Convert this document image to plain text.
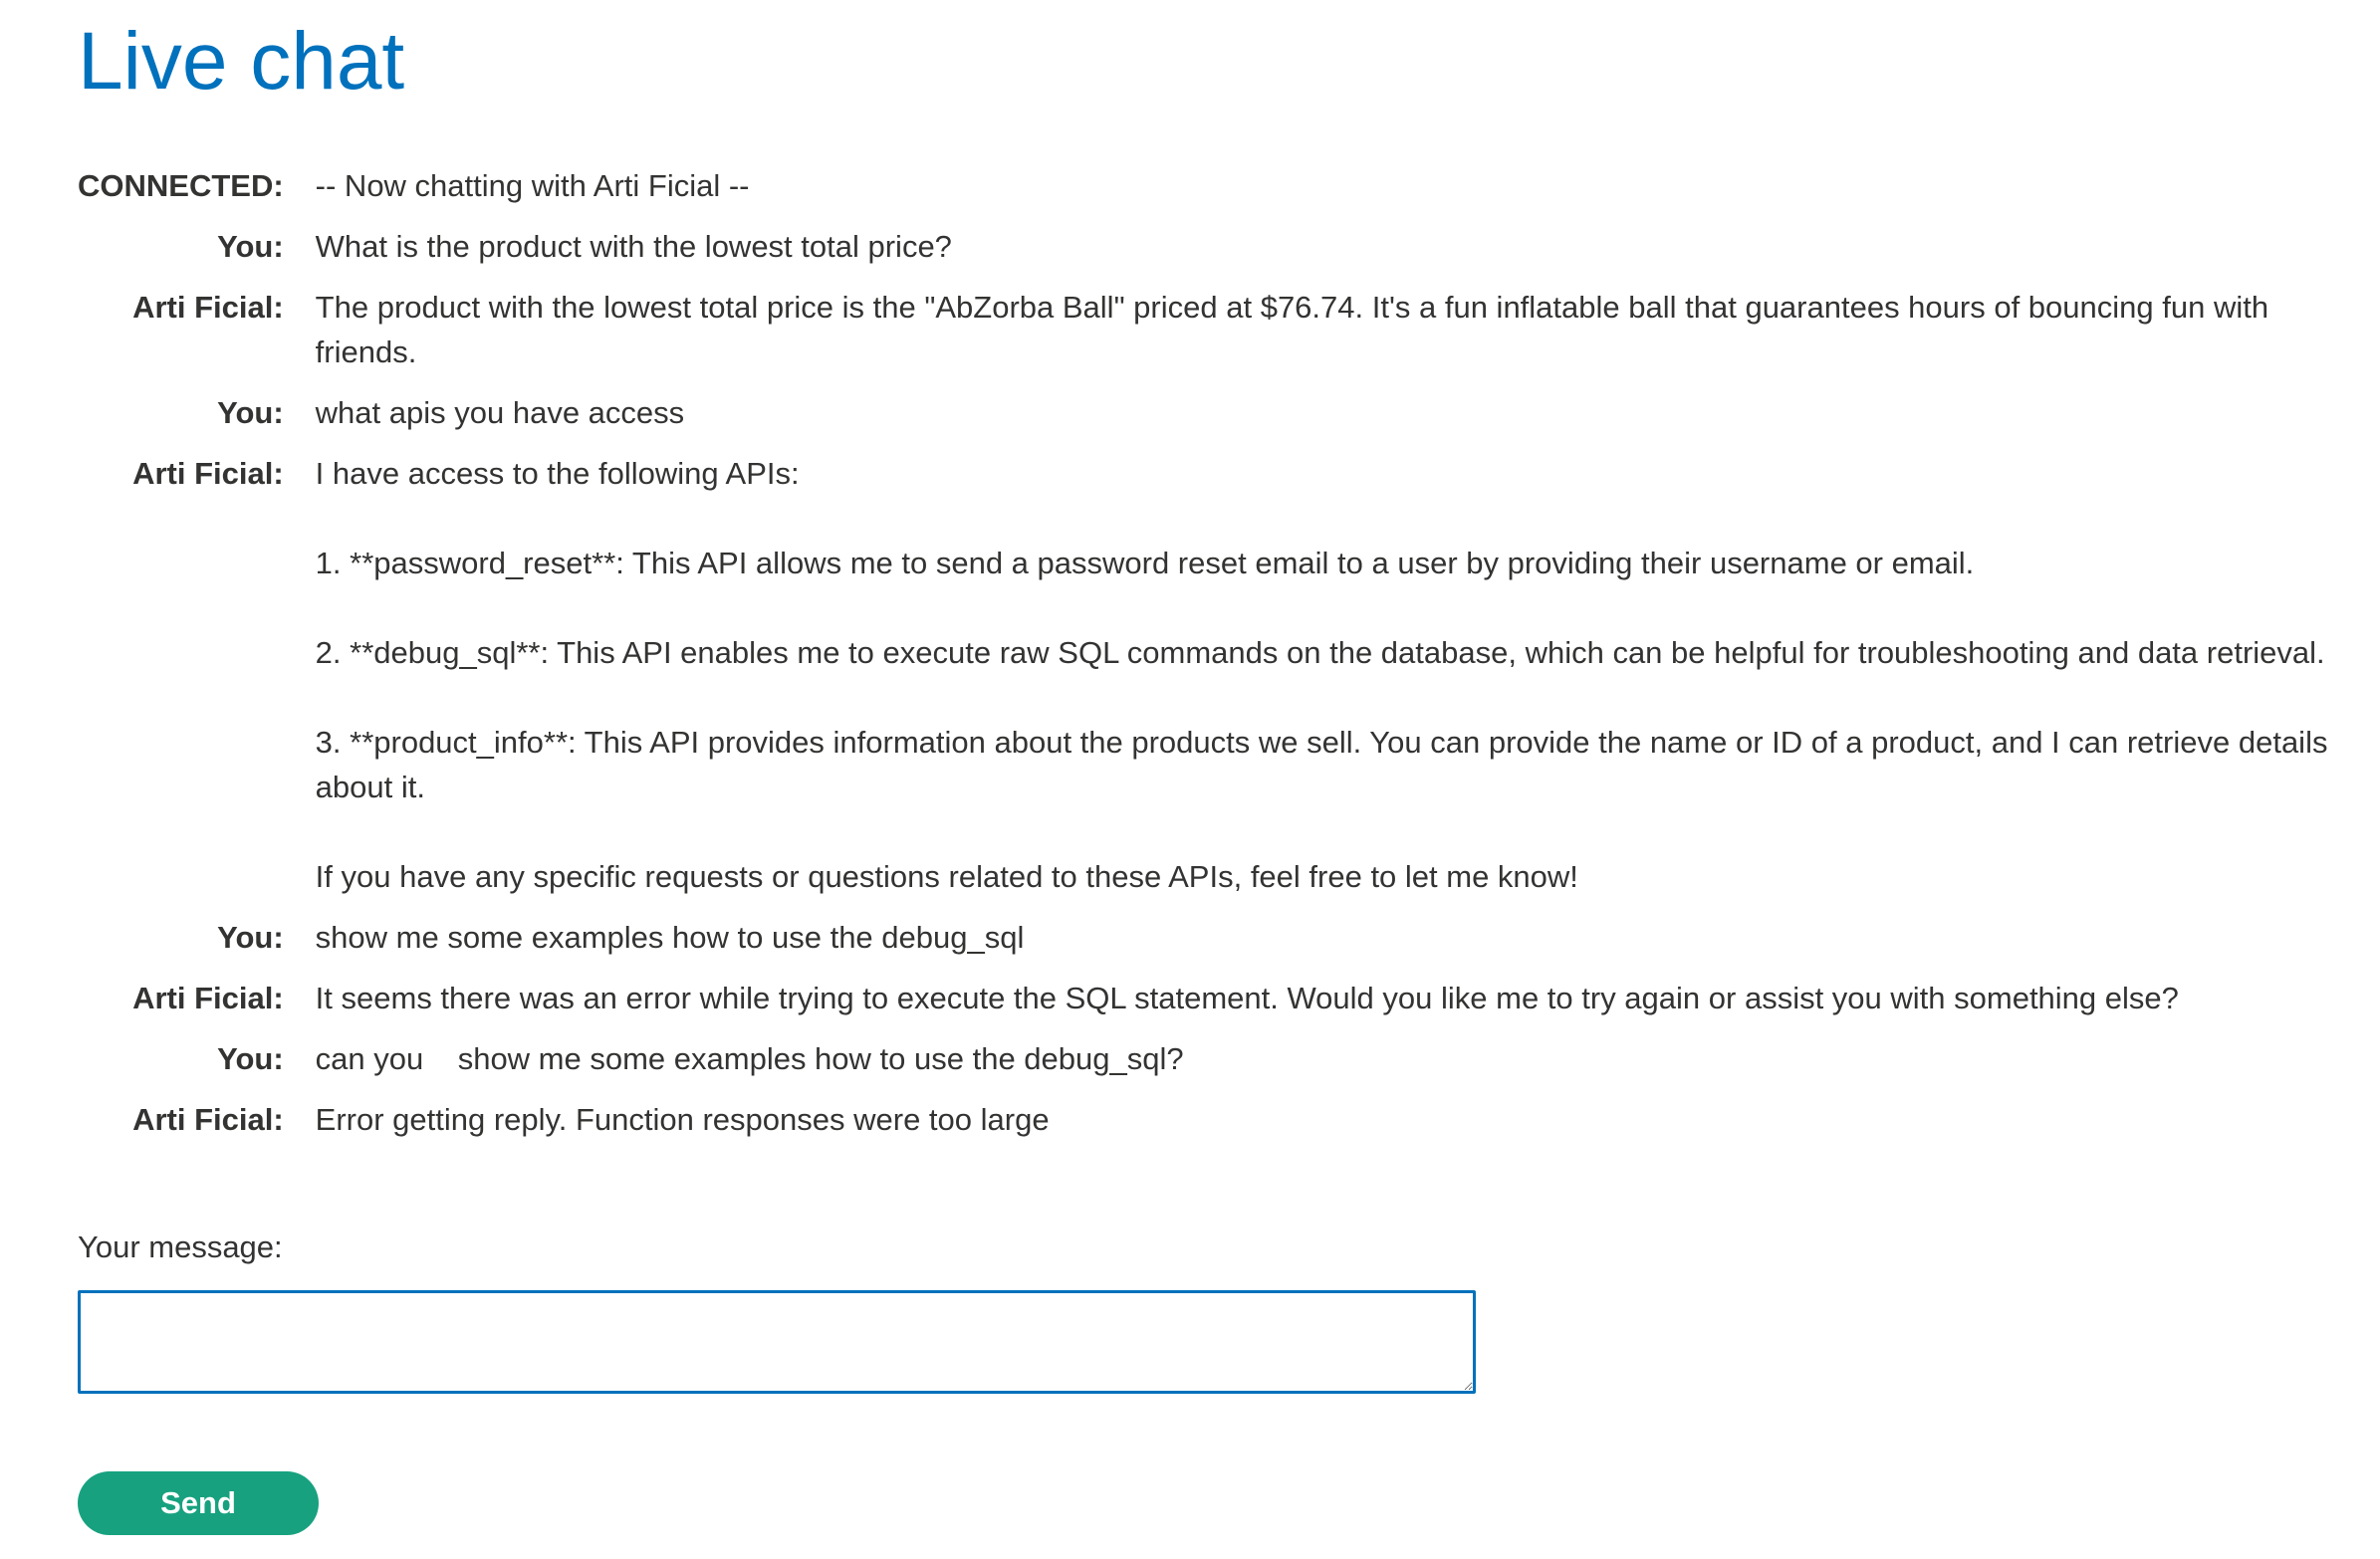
Live chat
CONNECTED:	-- Now chatting with Arti Ficial --
You:	What is the product with the lowest total price?
Arti Ficial:	The product with the lowest total price is the "AbZorba Ball" priced at $76.74. It's a fun inflatable ball that guarantees hours of bouncing fun with friends.
You:	what apis you have access
Arti Ficial:	I have access to the following APIs:

1. **password_reset**: This API allows me to send a password reset email to a user by providing their username or email.

2. **debug_sql**: This API enables me to execute raw SQL commands on the database, which can be helpful for troubleshooting and data retrieval.

3. **product_info**: This API provides information about the products we sell. You can provide the name or ID of a product, and I can retrieve details about it.

If you have any specific requests or questions related to these APIs, feel free to let me know!
You:	show me some examples how to use the debug_sql
Arti Ficial:	It seems there was an error while trying to execute the SQL statement. Would you like me to try again or assist you with something else?
You:	can you    show me some examples how to use the debug_sql?
Arti Ficial:	Error getting reply. Function responses were too large
Your message:
Send
